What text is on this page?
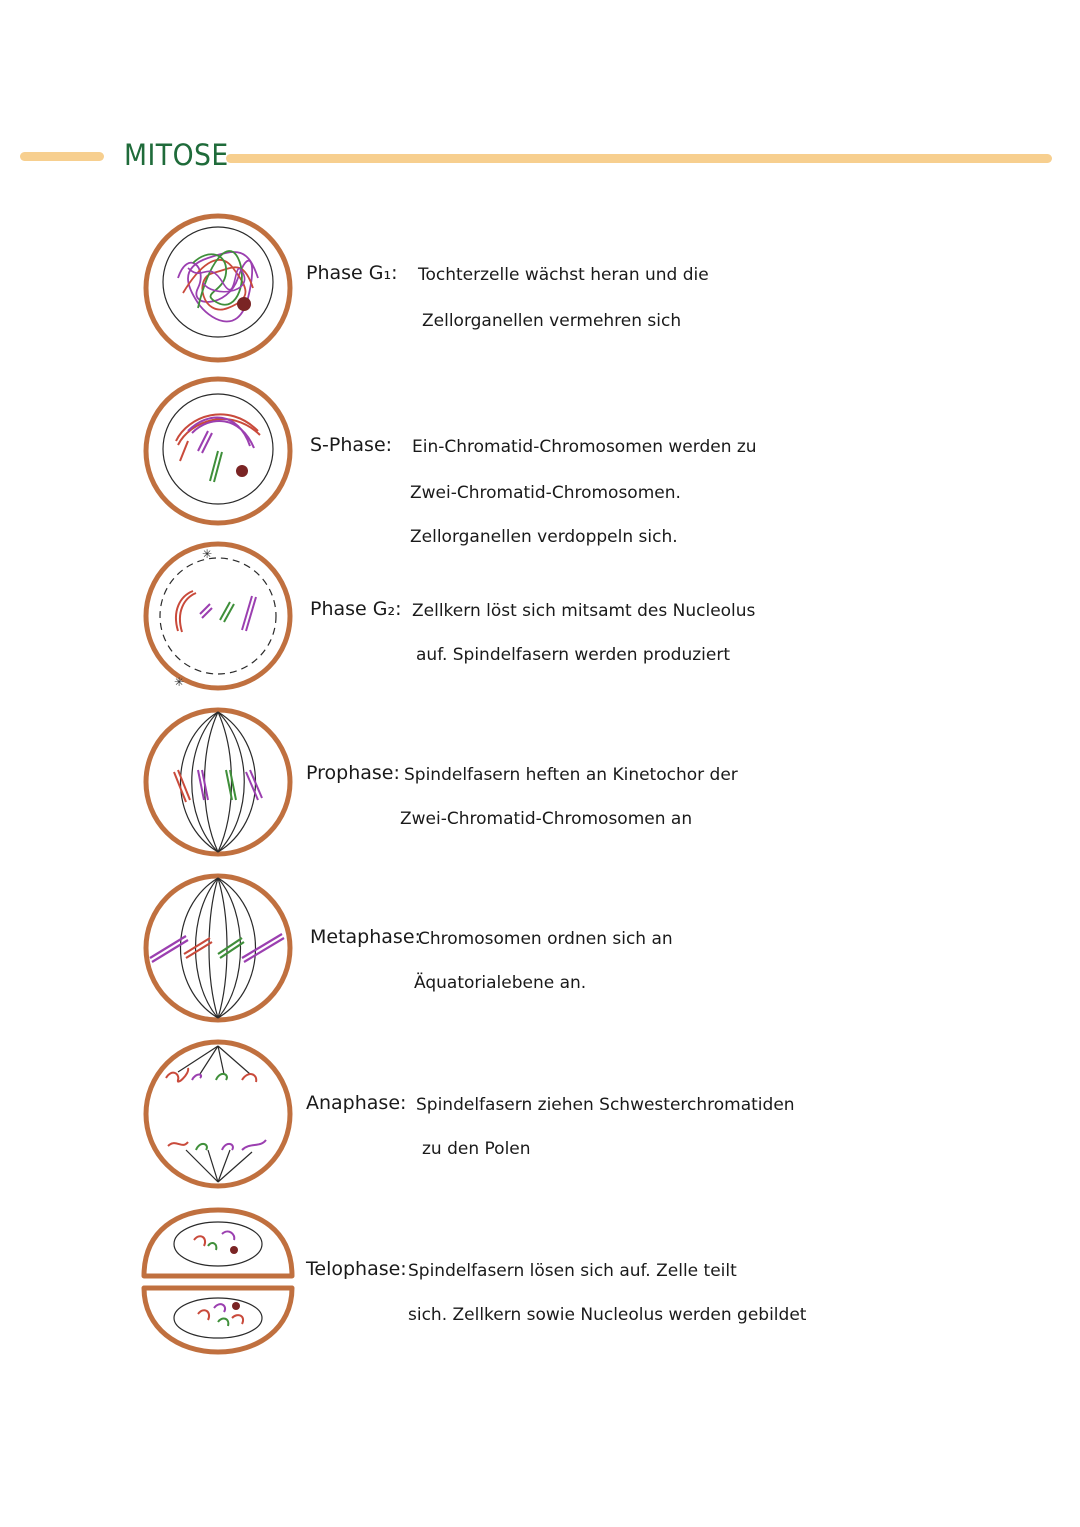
MITOSE
Phase G₁: Tochterzelle wächst heran und die
Zellorganellen vermehren sich
S-Phase: Ein-Chromatid-Chromosomen werden zu
Zwei-Chromatid-Chromosomen.
Zellorganellen verdoppeln sich.
✳
✳
Phase G₂: Zellkern löst sich mitsamt des Nucleolus
auf. Spindelfasern werden produziert
Prophase: Spindelfasern heften an Kinetochor der
Zwei-Chromatid-Chromosomen an
Metaphase:
Chromosomen ordnen sich an
Äquatorialebene an.
Anaphase: Spindelfasern ziehen Schwesterchromatiden
zu den Polen
Telophase: Spindelfasern lösen sich auf. Zelle teilt
sich. Zellkern sowie Nucleolus werden gebildet
